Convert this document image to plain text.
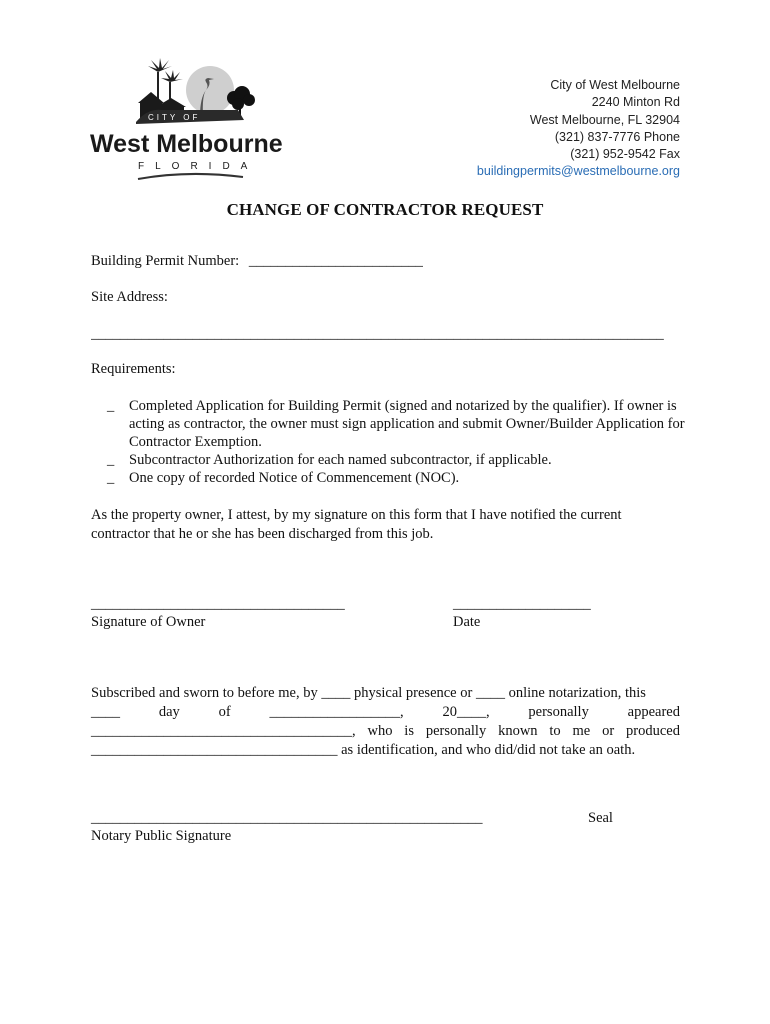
CITY OF
West Melbourne
FLORIDA
City of West Melbourne
2240 Minton Rd
West Melbourne, FL 32904
(321) 837-7776 Phone
(321) 952-9542 Fax
buildingpermits@westmelbourne.org
CHANGE OF CONTRACTOR REQUEST
Building Permit Number: ________________________
Site Address:
_______________________________________________________________________________
Requirements:
_ Completed Application for Building Permit (signed and notarized by the qualifier). If owner is acting as contractor, the owner must sign application and submit Owner/Builder Application for Contractor Exemption.
_ Subcontractor Authorization for each named subcontractor, if applicable.
_ One copy of recorded Notice of Commencement (NOC).
As the property owner, I attest, by my signature on this form that I have notified the current contractor that he or she has been discharged from this job.
___________________________________
Signature of Owner
___________________
Date
Subscribed and sworn to before me, by ____ physical presence or ____ online notarization, this
____	day	of	__________________,	20____,	personally	appeared
____________________________________, who is personally known to me or produced
__________________________________ as identification, and who did/did not take an oath.
______________________________________________________
Notary Public Signature
Seal
